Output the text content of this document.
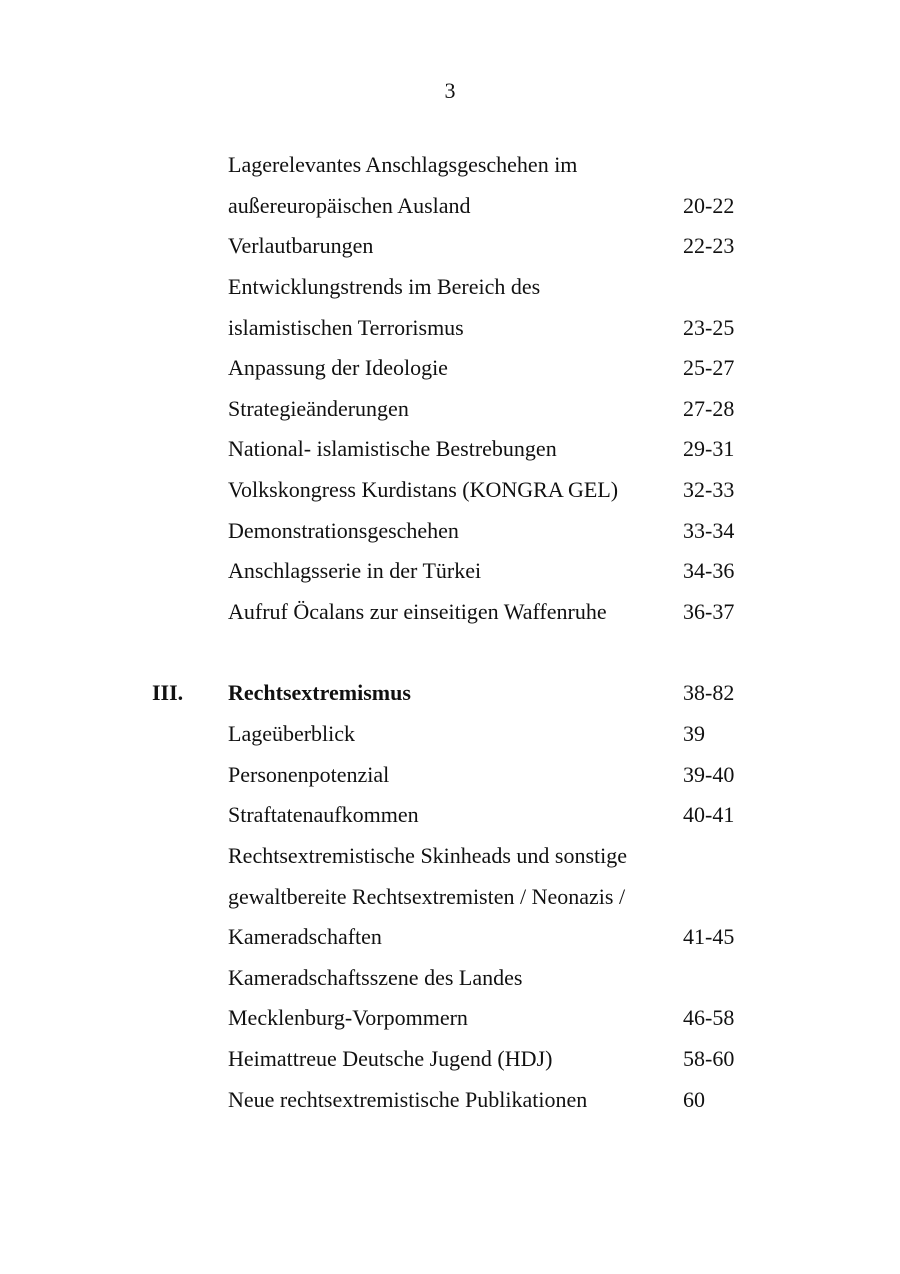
3
Lagerelevantes Anschlagsgeschehen im
außereuropäischen Ausland	20-22
Verlautbarungen	22-23
Entwicklungstrends im Bereich des
islamistischen Terrorismus	23-25
Anpassung der Ideologie	25-27
Strategieänderungen	27-28
National- islamistische Bestrebungen	29-31
Volkskongress Kurdistans (KONGRA GEL)	32-33
Demonstrationsgeschehen	33-34
Anschlagsserie in der Türkei	34-36
Aufruf Öcalans zur einseitigen Waffenruhe	36-37
III. Rechtsextremismus	38-82
Lageüberblick	39
Personenpotenzial	39-40
Straftatenaufkommen	40-41
Rechtsextremistische Skinheads und sonstige
gewaltbereite Rechtsextremisten / Neonazis /
Kameradschaften	41-45
Kameradschaftsszene des Landes
Mecklenburg-Vorpommern	46-58
Heimattreue Deutsche Jugend (HDJ)	58-60
Neue rechtsextremistische Publikationen	60
